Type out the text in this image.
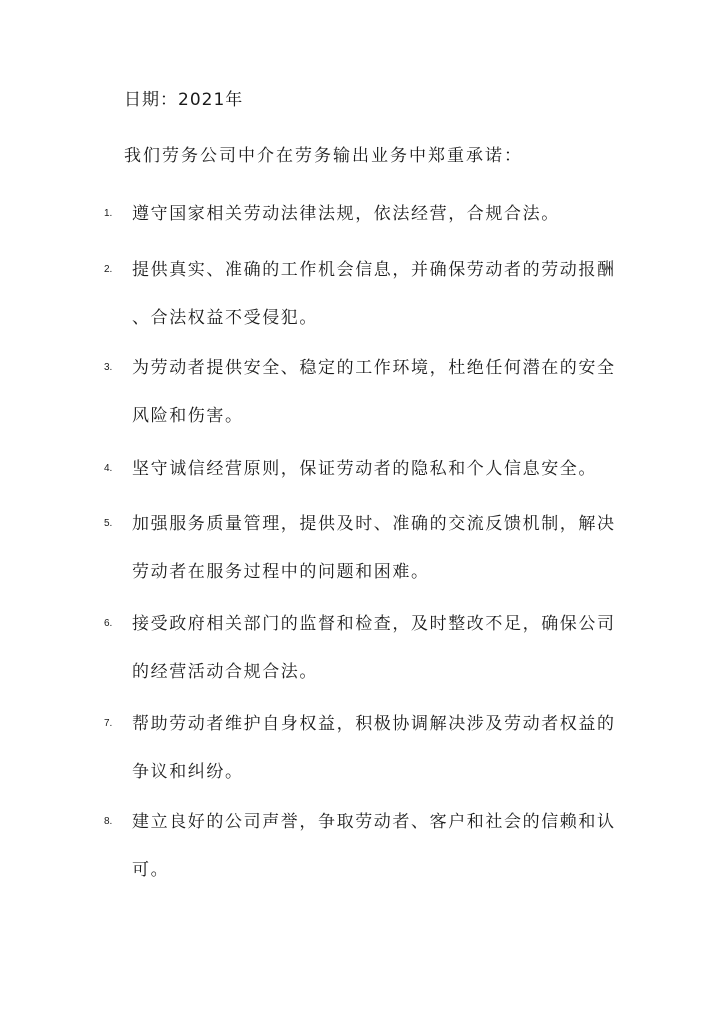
日期：2021年
我们劳务公司中介在劳务输出业务中郑重承诺：
1. 遵守国家相关劳动法律法规，依法经营，合规合法。
2. 提供真实、准确的工作机会信息，并确保劳动者的劳动报酬
、合法权益不受侵犯。
3. 为劳动者提供安全、稳定的工作环境，杜绝任何潜在的安全
风险和伤害。
4. 坚守诚信经营原则，保证劳动者的隐私和个人信息安全。
5. 加强服务质量管理，提供及时、准确的交流反馈机制，解决
劳动者在服务过程中的问题和困难。
6. 接受政府相关部门的监督和检查，及时整改不足，确保公司
的经营活动合规合法。
7. 帮助劳动者维护自身权益，积极协调解决涉及劳动者权益的
争议和纠纷。
8. 建立良好的公司声誉，争取劳动者、客户和社会的信赖和认
可。
